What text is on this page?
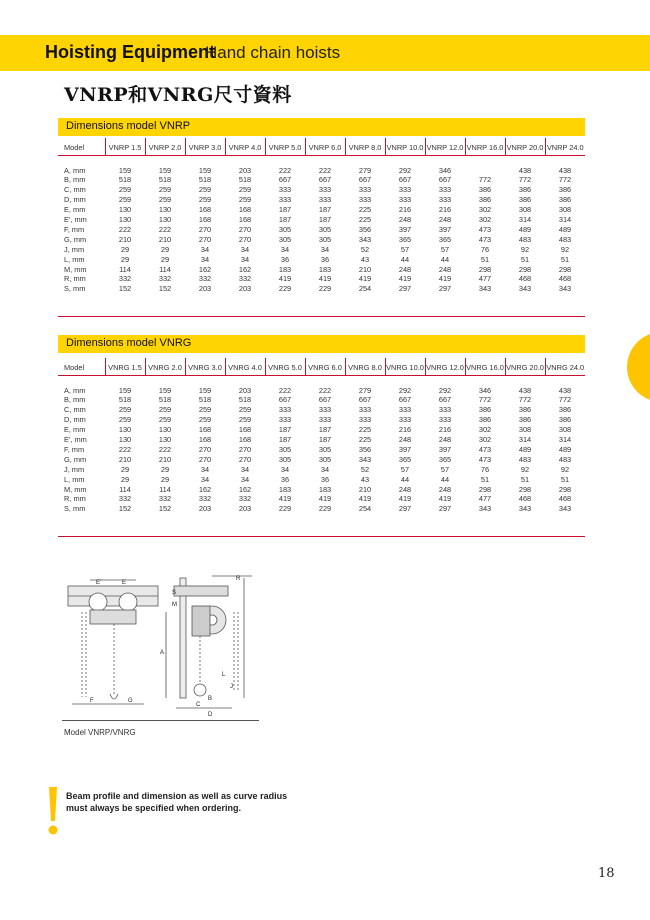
Hoisting Equipment
Hand chain hoists
VNRP和VNRG尺寸資料
Dimensions model VNRP
Model	VNRP 1.5	VNRP 2.0	VNRP 3.0	VNRP 4.0	VNRP 5.0	VNRP 6.0	VNRP 8.0	VNRP 10.0	VNRP 12.0	VNRP 16.0	VNRP 20.0	VNRP 24.0
A, mm	159	159	159	203	222	222	279	292	346		438	438
B, mm	518	518	518	518	667	667	667	667	667	772	772	772
C, mm	259	259	259	259	333	333	333	333	333	386	386	386
D, mm	259	259	259	259	333	333	333	333	333	386	386	386
E, mm	130	130	168	168	187	187	225	216	216	302	308	308
E', mm	130	130	168	168	187	187	225	248	248	302	314	314
F, mm	222	222	270	270	305	305	356	397	397	473	489	489
G, mm	210	210	270	270	305	305	343	365	365	473	483	483
J, mm	29	29	34	34	34	34	52	57	57	76	92	92
L, mm	29	29	34	34	36	36	43	44	44	51	51	51
M, mm	114	114	162	162	183	183	210	248	248	298	298	298
R, mm	332	332	332	332	419	419	419	419	419	477	468	468
S, mm	152	152	203	203	229	229	254	297	297	343	343	343
Dimensions model VNRG
Model	VNRG 1.5	VNRG 2.0	VNRG 3.0	VNRG 4.0	VNRG 5.0	VNRG 6.0	VNRG 8.0	VNRG 10.0	VNRG 12.0	VNRG 16.0	VNRG 20.0	VNRG 24.0
A, mm	159	159	159	203	222	222	279	292	292	346	438	438
B, mm	518	518	518	518	667	667	667	667	667	772	772	772
C, mm	259	259	259	259	333	333	333	333	333	386	386	386
D, mm	259	259	259	259	333	333	333	333	333	386	386	386
E, mm	130	130	168	168	187	187	225	216	216	302	308	308
E', mm	130	130	168	168	187	187	225	248	248	302	314	314
F, mm	222	222	270	270	305	305	356	397	397	473	489	489
G, mm	210	210	270	270	305	305	343	365	365	473	483	483
J, mm	29	29	34	34	34	34	52	57	57	76	92	92
L, mm	29	29	34	34	36	36	43	44	44	51	51	51
M, mm	114	114	162	162	183	183	210	248	248	298	298	298
R, mm	332	332	332	332	419	419	419	419	419	477	468	468
S, mm	152	152	203	203	229	229	254	297	297	343	343	343
E'	E
R
S
M
A
L
J
F	G
C
B
D
Model VNRP/VNRG
Beam profile and dimension as well as curve radius
must always be specified when ordering.
18
